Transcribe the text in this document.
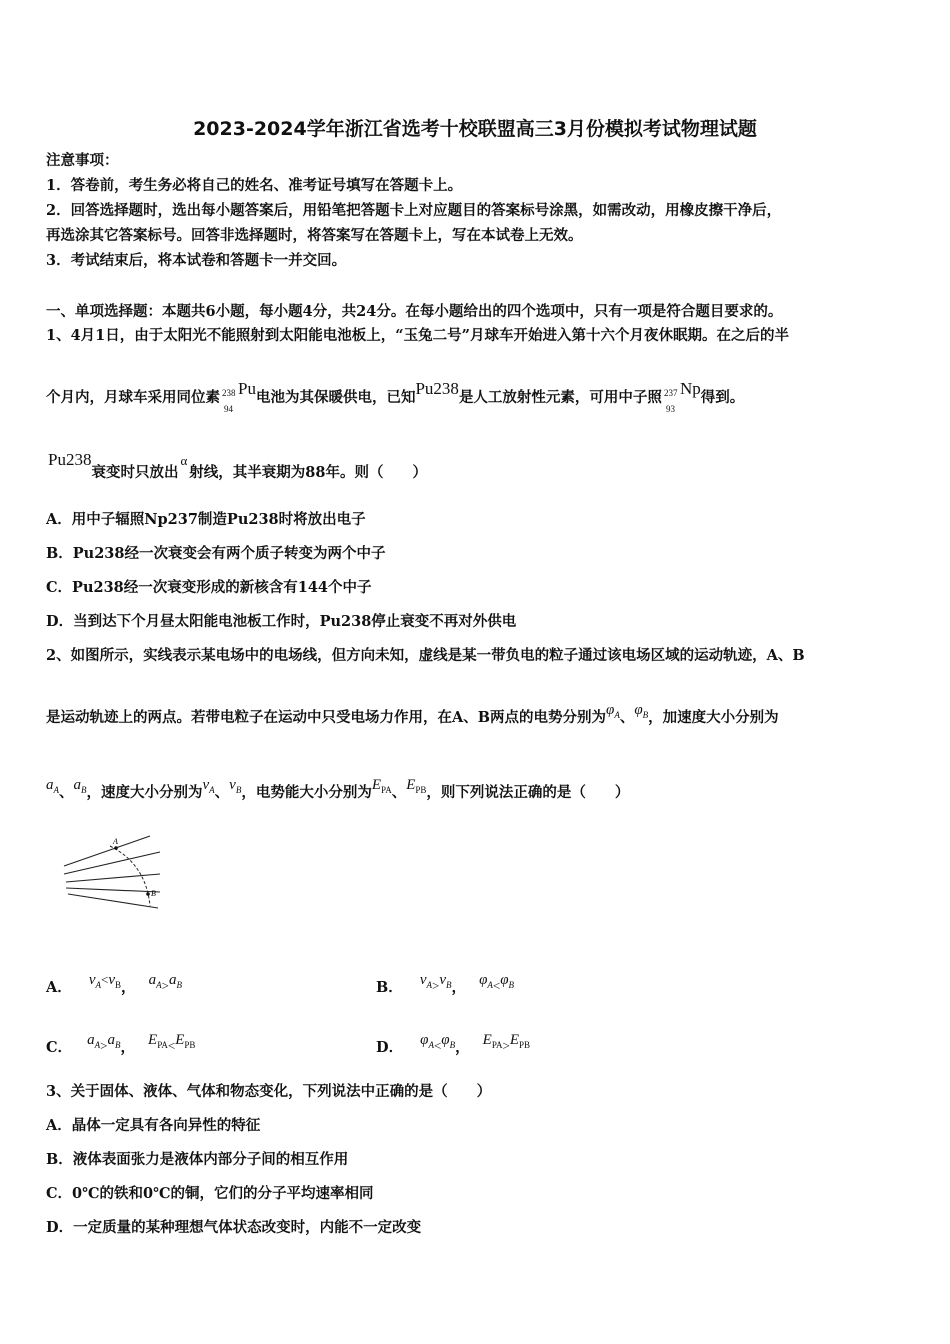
2023-2024学年浙江省选考十校联盟高三3月份模拟考试物理试题
注意事项：
1．答卷前，考生务必将自己的姓名、准考证号填写在答题卡上。
2．回答选择题时，选出每小题答案后，用铅笔把答题卡上对应题目的答案标号涂黑，如需改动，用橡皮擦干净后，
再选涂其它答案标号。回答非选择题时，将答案写在答题卡上，写在本试卷上无效。
3．考试结束后，将本试卷和答题卡一并交回。
一、单项选择题：本题共6小题，每小题4分，共24分。在每小题给出的四个选项中，只有一项是符合题目要求的。
1、4月1日，由于太阳光不能照射到太阳能电池板上，“玉兔二号”月球车开始进入第十六个月夜休眠期。在之后的半
个月内，月球车采用同位素 238
94
Pu电池为其保暖供电，已知Pu238是人工放射性元素，可用中子照 237
93
Np得到。
Pu238衰变时只放出α射线，其半衰期为88年。则（　　）
A．用中子辐照Np237制造Pu238时将放出电子
B．Pu238经一次衰变会有两个质子转变为两个中子
C．Pu238经一次衰变形成的新核含有144个中子
D．当到达下个月昼太阳能电池板工作时，Pu238停止衰变不再对外供电
2、如图所示，实线表示某电场中的电场线，但方向未知，虚线是某一带负电的粒子通过该电场区域的运动轨迹，A、B
是运动轨迹上的两点。若带电粒子在运动中只受电场力作用，在A、B两点的电势分别为$\varphi_A$、$\varphi_B$，加速度大小分别为
$a_A$、$a_B$，速度大小分别为$v_A$、$v_B$，电势能大小分别为$E_{PA}$、$E_{PB}$，则下列说法正确的是（　　）
A
B
A． $v_A<v_B$， $a_A>a_B$	B． $v_A>v_B$， $\varphi_A<\varphi_B$
C． $a_A>a_B$， $E_{PA}<E_{PB}$	D． $\varphi_A<\varphi_B$， $E_{PA}>E_{PB}$
3、关于固体、液体、气体和物态变化，下列说法中正确的是（　　）
A．晶体一定具有各向异性的特征
B．液体表面张力是液体内部分子间的相互作用
C．0℃的铁和0℃的铜，它们的分子平均速率相同
D．一定质量的某种理想气体状态改变时，内能不一定改变
